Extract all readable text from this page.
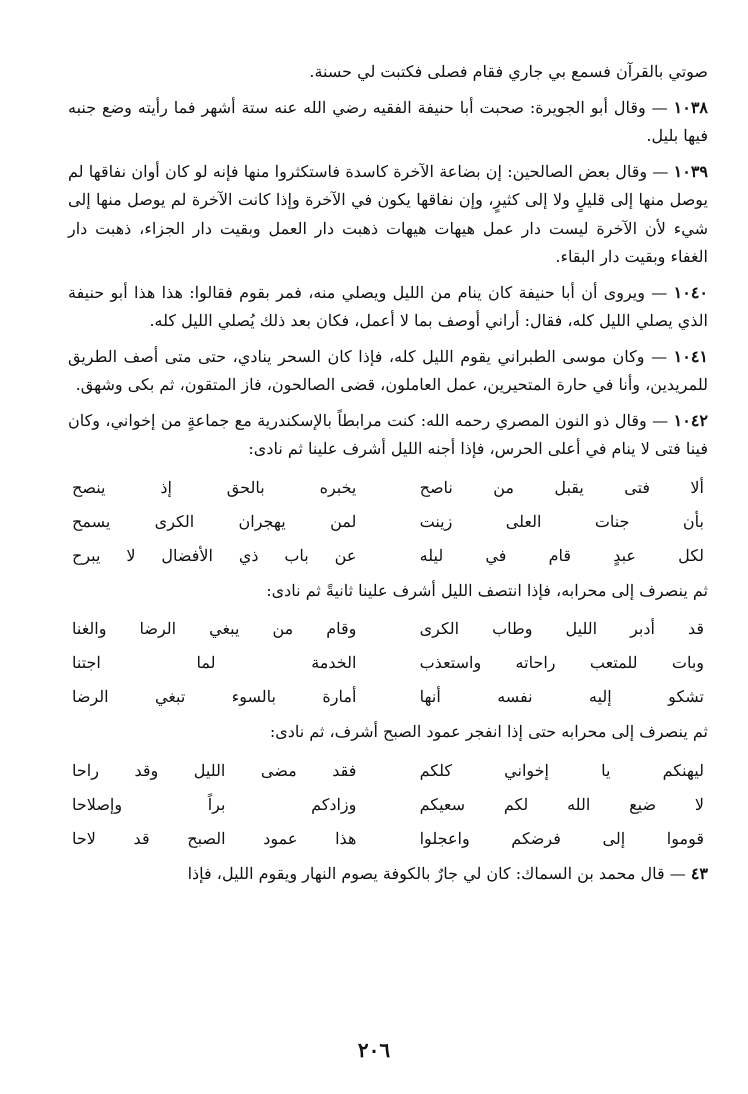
صوتي بالقرآن فسمع بي جاري فقام فصلى فكتبت لي حسنة.

١٠٣٨ — وقال أبو الجويرة: صحبت أبا حنيفة الفقيه رضي الله عنه ستة أشهر فما رأيته وضع جنبه فيها بليل.

١٠٣٩ — وقال بعض الصالحين: إن بضاعة الآخرة كاسدة فاستكثروا منها فإنه لو كان أوان نفاقها لم يوصل منها إلى قليلٍ ولا إلى كثيرٍ، وإن نفاقها يكون في الآخرة وإذا كانت الآخرة لم يوصل منها إلى شيء لأن الآخرة ليست دار عمل هيهات هيهات ذهبت دار العمل وبقيت دار الجزاء، ذهبت دار الغفاء وبقيت دار البقاء.

١٠٤٠ — ويروى أن أبا حنيفة كان ينام من الليل ويصلي منه، فمر بقوم فقالوا: هذا هذا أبو حنيفة الذي يصلي الليل كله، فقال: أراني أوصف بما لا أعمل، فكان بعد ذلك يُصلي الليل كله.

١٠٤١ — وكان موسى الطبراني يقوم الليل كله، فإذا كان السحر ينادي، حتى متى أصف الطريق للمريدين، وأنا في حارة المتحيرين، عمل العاملون، قضى الصالحون، فاز المتقون، ثم بكى وشهق.

١٠٤٢ — وقال ذو النون المصري رحمه الله: كنت مرابطاً بالإسكندرية مع جماعةٍ من إخواني، وكان فينا فتى لا ينام في أعلى الحرس، فإذا أجنه الليل أشرف علينا ثم نادى:

ألا فتى يقبل من ناصح
يخبره بالحق إذ ينصح
بأن جنات العلى زينت
لمن يهجران الكرى يسمح
لكل عبدٍ قام في ليله
عن باب ذي الأفضال لا يبرح

ثم ينصرف إلى محرابه، فإذا انتصف الليل أشرف علينا ثانيةً ثم نادى:

قد أدبر الليل وطاب الكرى
وقام من يبغي الرضا والغنا
وبات للمتعب راحاته واستعذب
الخدمة لما اجتنا
تشكو إليه نفسه أنها
أمارة بالسوء تبغي الرضا

ثم ينصرف إلى محرابه حتى إذا انفجر عمود الصبح أشرف، ثم نادى:

ليهنكم يا إخواني كلكم
فقد مضى الليل وقد راحا
لا ضيع الله لكم سعيكم
وزادكم براً وإصلاحا
قوموا إلى فرضكم واعجلوا
هذا عمود الصبح قد لاحا

٤٣ — قال محمد بن السماك: كان لي جارٌ بالكوفة يصوم النهار ويقوم الليل، فإذا

٢٠٦
